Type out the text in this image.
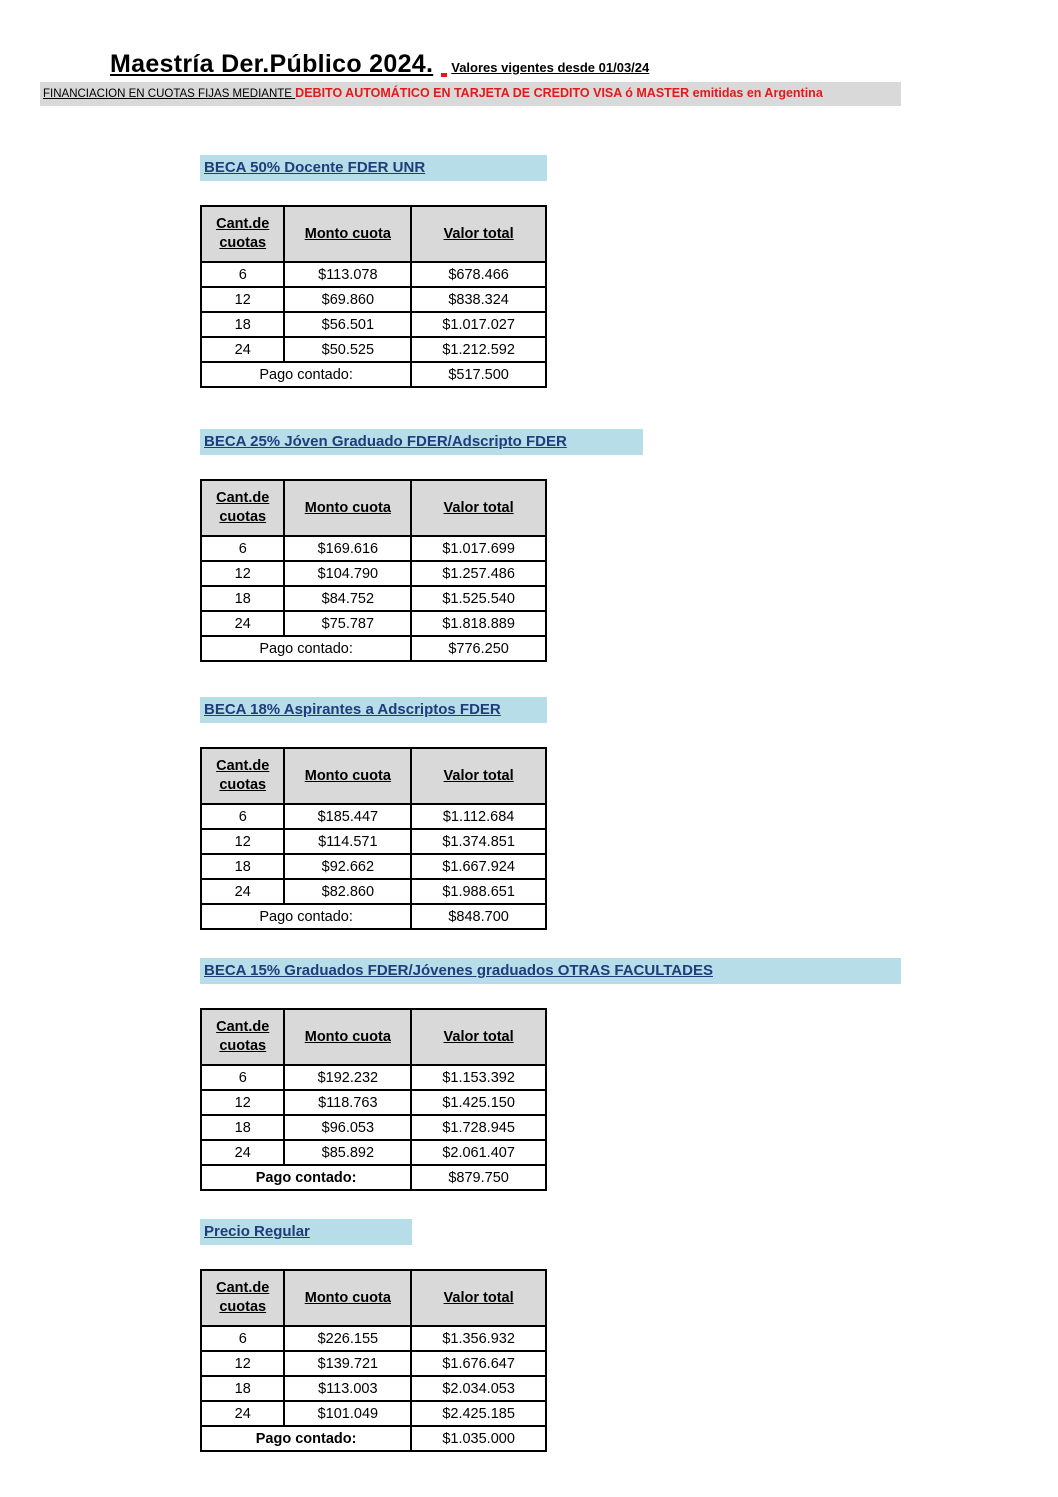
Maestría Der.Público 2024. Valores vigentes desde 01/03/24
FINANCIACION EN CUOTAS FIJAS MEDIANTE DEBITO AUTOMÁTICO EN TARJETA DE CREDITO VISA ó MASTER emitidas en Argentina
BECA 50% Docente FDER UNR
Cant.de cuotas	Monto cuota	Valor total
6	$113.078	$678.466
12	$69.860	$838.324
18	$56.501	$1.017.027
24	$50.525	$1.212.592
Pago contado:		$517.500
BECA 25% Jóven Graduado FDER/Adscripto FDER
Cant.de cuotas	Monto cuota	Valor total
6	$169.616	$1.017.699
12	$104.790	$1.257.486
18	$84.752	$1.525.540
24	$75.787	$1.818.889
Pago contado:		$776.250
BECA 18% Aspirantes a Adscriptos FDER
Cant.de cuotas	Monto cuota	Valor total
6	$185.447	$1.112.684
12	$114.571	$1.374.851
18	$92.662	$1.667.924
24	$82.860	$1.988.651
Pago contado:		$848.700
BECA 15% Graduados FDER/Jóvenes graduados OTRAS FACULTADES
Cant.de cuotas	Monto cuota	Valor total
6	$192.232	$1.153.392
12	$118.763	$1.425.150
18	$96.053	$1.728.945
24	$85.892	$2.061.407
Pago contado:		$879.750
Precio Regular
Cant.de cuotas	Monto cuota	Valor total
6	$226.155	$1.356.932
12	$139.721	$1.676.647
18	$113.003	$2.034.053
24	$101.049	$2.425.185
Pago contado:		$1.035.000
